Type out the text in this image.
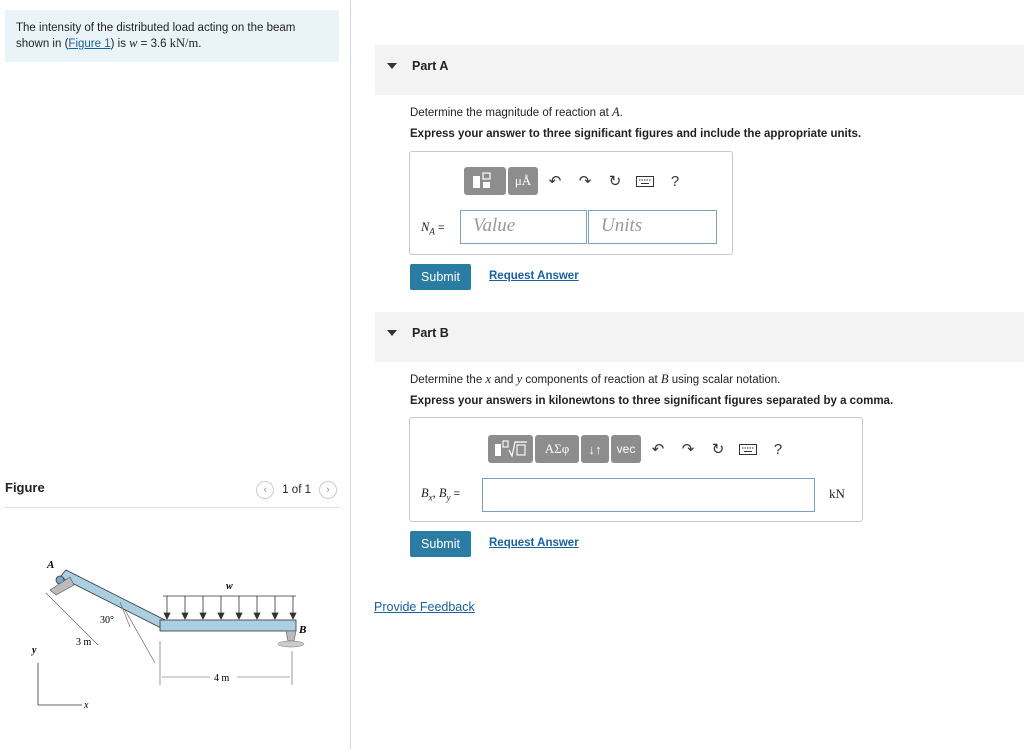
The intensity of the distributed load acting on the beam shown in (Figure 1) is w = 3.6 kN/m.
Figure	‹ 1 of 1 ›
A
B
w
30°
3 m
4 m
y
x
Part A
Determine the magnitude of reaction at A.
Express your answer to three significant figures and include the appropriate units.
μÅ	↶	↷	↻	?
$N_A$ =	Value	Units
Submit	Request Answer
Part B
Determine the x and y components of reaction at B using scalar notation.
Express your answers in kilonewtons to three significant figures separated by a comma.
ΑΣφ	↓↑	vec	↶	↷	↻	?
$B_x$, $B_y$ =	kN
Submit	Request Answer
Provide Feedback
